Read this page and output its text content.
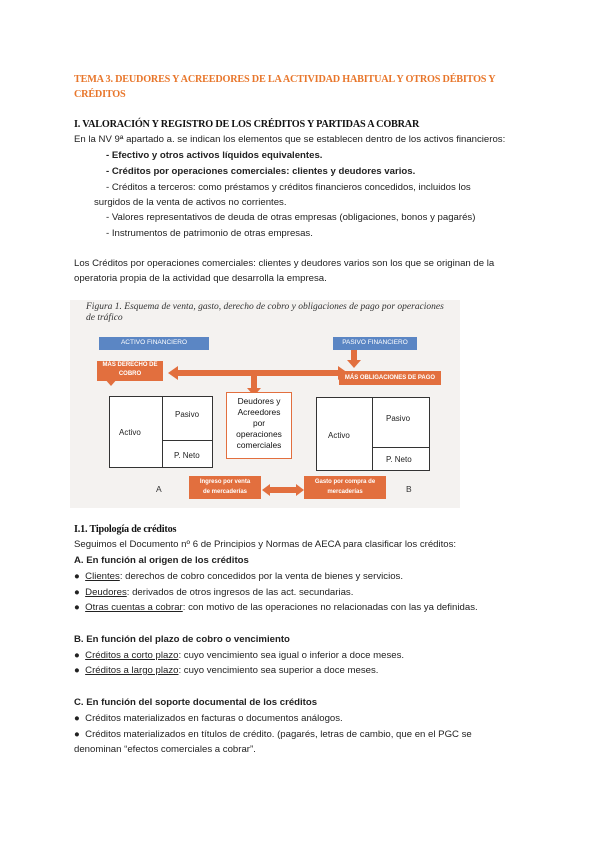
TEMA 3. DEUDORES Y ACREEDORES DE LA ACTIVIDAD HABITUAL Y OTROS DÉBITOS Y
CRÉDITOS
I. VALORACIÓN Y REGISTRO DE LOS CRÉDITOS Y PARTIDAS A COBRAR
En la NV 9ª apartado a. se indican los elementos que se establecen dentro de los activos financieros:
- Efectivo y otros activos líquidos equivalentes.
- Créditos por operaciones comerciales: clientes y deudores varios.
- Créditos a terceros: como préstamos y créditos financieros concedidos, incluidos los
surgidos de la venta de activos no corrientes.
- Valores representativos de deuda de otras empresas (obligaciones, bonos y pagarés)
- Instrumentos de patrimonio de otras empresas.
Los Créditos por operaciones comerciales: clientes y deudores varios son los que se originan de la
operatoria propia de la actividad que desarrolla la empresa.
Figura 1. Esquema de venta, gasto, derecho de cobro y obligaciones de pago por operaciones
de tráfico
ACTIVO FINANCIERO	PASIVO FINANCIERO
MÁS DERECHO DE
COBRO
MÁS OBLIGACIONES DE PAGO
Activo
Pasivo
P. Neto
A
Deudores y
Acreedores
por
operaciones
comerciales
Activo
Pasivo
P. Neto
B
Ingreso por venta
de mercaderías
Gasto por compra de
mercaderías
I.1. Tipología de créditos
Seguimos el Documento nº 6 de Principios y Normas de AECA para clasificar los créditos:
A. En función al origen de los créditos
● Clientes: derechos de cobro concedidos por la venta de bienes y servicios.
● Deudores: derivados de otros ingresos de las act. secundarias.
● Otras cuentas a cobrar: con motivo de las operaciones no relacionadas con las ya definidas.
B. En función del plazo de cobro o vencimiento
● Créditos a corto plazo: cuyo vencimiento sea igual o inferior a doce meses.
● Créditos a largo plazo: cuyo vencimiento sea superior a doce meses.
C. En función del soporte documental de los créditos
● Créditos materializados en facturas o documentos análogos.
● Créditos materializados en títulos de crédito. (pagarés, letras de cambio, que en el PGC se
denominan “efectos comerciales a cobrar”.
